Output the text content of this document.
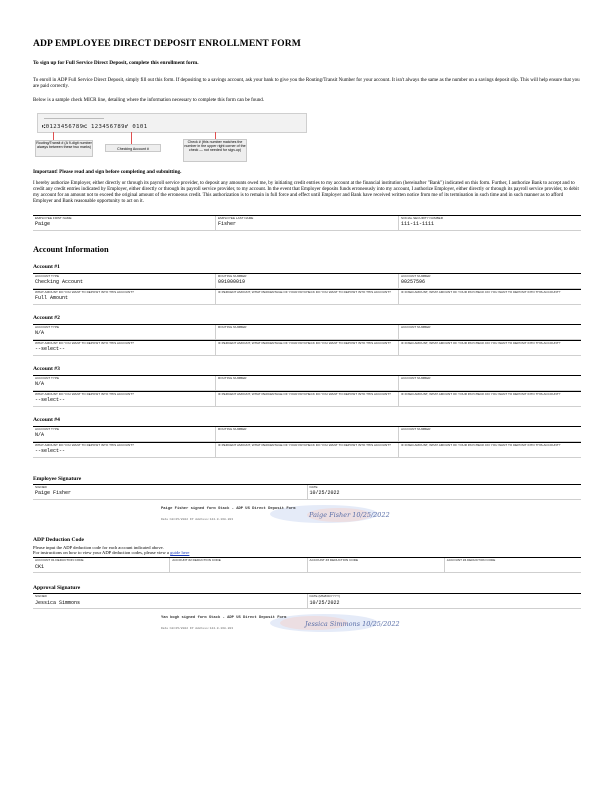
ADP EMPLOYEE DIRECT DEPOSIT ENROLLMENT FORM
To sign up for Full Service Direct Deposit, complete this enrollment form.
To enroll in ADP Full Service Direct Deposit, simply fill out this form. If depositing to a savings account, ask your bank to give you the Routing/Transit Number for your account. It isn't always the same as the number on a savings deposit slip. This will help ensure that you are paid correctly.
Below is a sample check MICR line, detailing where the information necessary to complete this form can be found.
⑆0123456789⑆ 123456789⑈ 0101
Routing/Transit # (A 9-digit number always between these two marks)	Checking Account #
Check # (this number matches the number in the upper right corner of the check — not needed for sign-up)
Important! Please read and sign before completing and submitting.
I hereby authorize Employer, either directly or through its payroll service provider, to deposit any amounts owed me, by initiating credit entries to my account at the financial institution (hereinafter "Bank") indicated on this form. Further, I authorize Bank to accept and to credit any credit entries indicated by Employer, either directly or through its payroll service provider, to my account. In the event that Employer deposits funds erroneously into my account, I authorize Employer, either directly or through its payroll service provider, to debit my account for an amount not to exceed the original amount of the erroneous credit. This authorization is to remain in full force and effect until Employer and Bank have received written notice from me of its termination in such time and in such manner as to afford Employer and Bank reasonable opportunity to act on it.
EMPLOYEE FIRST NAME
Paige
EMPLOYEE LAST NAME
Fisher
SOCIAL SECURITY NUMBER
111-11-1111
Account Information
Account #1
ACCOUNT TYPE
Checking Account
ROUTING NUMBER
091000019
ACCOUNT NUMBER
00257596
WHAT AMOUNT DO YOU WANT TO DEPOSIT INTO THIS ACCOUNT?
Full Amount
IF PERCENT AMOUNT, WHAT PERCENTAGE OF YOUR PAYCHECK DO YOU WANT TO DEPOSIT INTO THIS ACCOUNT?	IF FIXED AMOUNT, WHAT AMOUNT OF YOUR PAYCHECK DO YOU WANT TO DEPOSIT INTO THIS ACCOUNT?
Account #2
ACCOUNT TYPE
N/A
ROUTING NUMBER	ACCOUNT NUMBER
WHAT AMOUNT DO YOU WANT TO DEPOSIT INTO THIS ACCOUNT?
--select--
IF PERCENT AMOUNT, WHAT PERCENTAGE OF YOUR PAYCHECK DO YOU WANT TO DEPOSIT INTO THIS ACCOUNT?	IF FIXED AMOUNT, WHAT AMOUNT OF YOUR PAYCHECK DO YOU WANT TO DEPOSIT INTO THIS ACCOUNT?
Account #3
ACCOUNT TYPE
N/A
ROUTING NUMBER	ACCOUNT NUMBER
WHAT AMOUNT DO YOU WANT TO DEPOSIT INTO THIS ACCOUNT?
--select--
IF PERCENT AMOUNT, WHAT PERCENTAGE OF YOUR PAYCHECK DO YOU WANT TO DEPOSIT INTO THIS ACCOUNT?	IF FIXED AMOUNT, WHAT AMOUNT OF YOUR PAYCHECK DO YOU WANT TO DEPOSIT INTO THIS ACCOUNT?
Account #4
ACCOUNT TYPE
N/A
ROUTING NUMBER	ACCOUNT NUMBER
WHAT AMOUNT DO YOU WANT TO DEPOSIT INTO THIS ACCOUNT?
--select--
IF PERCENT AMOUNT, WHAT PERCENTAGE OF YOUR PAYCHECK DO YOU WANT TO DEPOSIT INTO THIS ACCOUNT?	IF FIXED AMOUNT, WHAT AMOUNT OF YOUR PAYCHECK DO YOU WANT TO DEPOSIT INTO THIS ACCOUNT?
Employee Signature
SIGNED
Paige Fisher
DATE
10/25/2022
Paige Fisher 10/25/2022
Paige Fisher signed form Stack - ADP US Direct Deposit Form
Date:10/25/2022 IP Address:144.0.168.203
ADP Deduction Code
Please input the ADP deduction code for each account indicated above.
For instructions on how to view your ADP deduction codes, please view a guide here
ACCOUNT #1 DEDUCTION CODE
CK1
ACCOUNT #2 DEDUCTION CODE	ACCOUNT #3 DEDUCTION CODE	ACCOUNT #4 DEDUCTION CODE
Approval Signature
SIGNED
Jessica Simmons
DATE (MM/DD/YYYY)
10/25/2022
Jessica Simmons 10/25/2022
Yan bogh signed form Stack - ADP US Direct Deposit Form
Date:10/25/2022 IP Address:144.0.168.203
